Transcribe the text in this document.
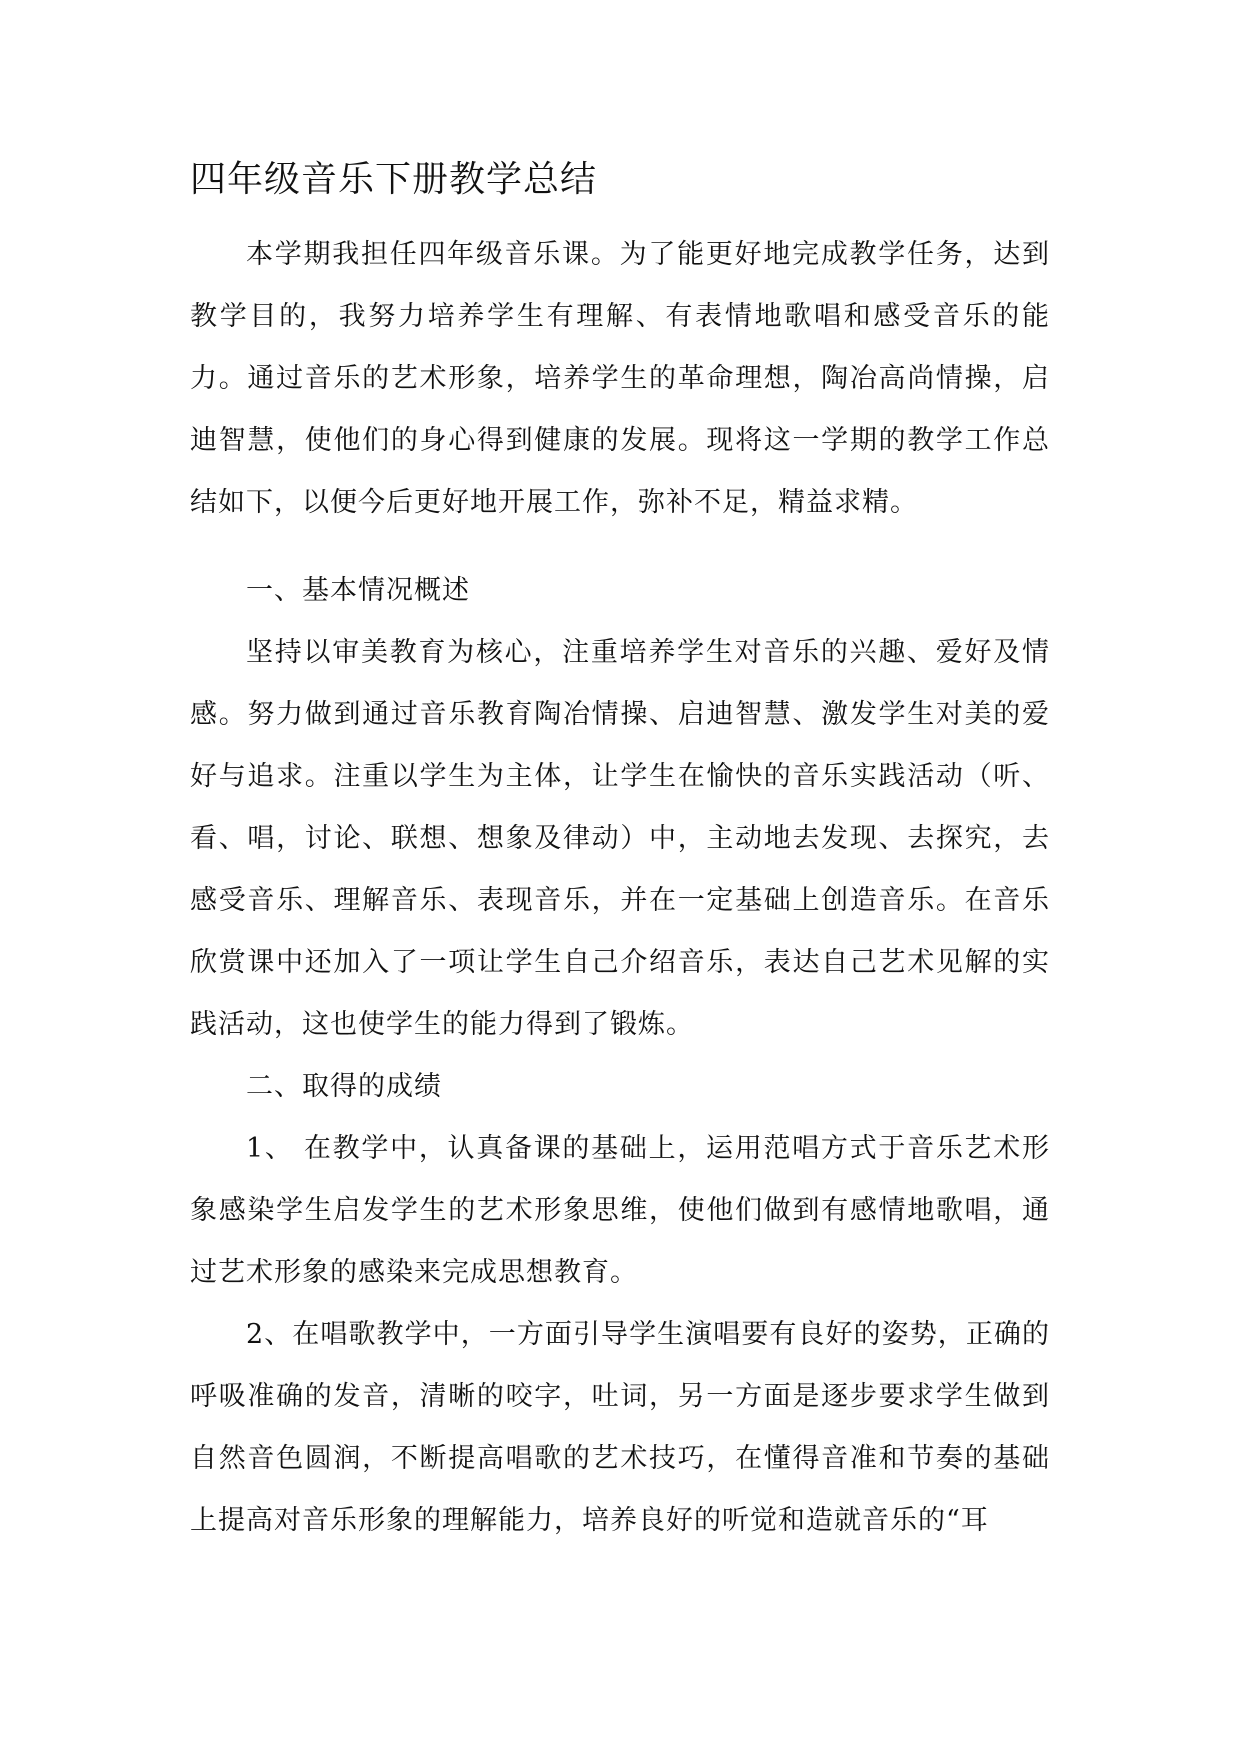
四年级音乐下册教学总结

本学期我担任四年级音乐课。为了能更好地完成教学任务，达到教学目的，我努力培养学生有理解、有表情地歌唱和感受音乐的能力。通过音乐的艺术形象，培养学生的革命理想，陶冶高尚情操，启迪智慧，使他们的身心得到健康的发展。现将这一学期的教学工作总结如下，以便今后更好地开展工作，弥补不足，精益求精。

一、基本情况概述

坚持以审美教育为核心，注重培养学生对音乐的兴趣、爱好及情感。努力做到通过音乐教育陶冶情操、启迪智慧、激发学生对美的爱好与追求。注重以学生为主体，让学生在愉快的音乐实践活动（听、看、唱，讨论、联想、想象及律动）中，主动地去发现、去探究，去感受音乐、理解音乐、表现音乐，并在一定基础上创造音乐。在音乐欣赏课中还加入了一项让学生自己介绍音乐，表达自己艺术见解的实践活动，这也使学生的能力得到了锻炼。

二、取得的成绩

1、 在教学中，认真备课的基础上，运用范唱方式于音乐艺术形象感染学生启发学生的艺术形象思维，使他们做到有感情地歌唱，通过艺术形象的感染来完成思想教育。

2、在唱歌教学中，一方面引导学生演唱要有良好的姿势，正确的呼吸准确的发音，清晰的咬字，吐词，另一方面是逐步要求学生做到自然音色圆润，不断提高唱歌的艺术技巧，在懂得音准和节奏的基础上提高对音乐形象的理解能力，培养良好的听觉和造就音乐的“耳
